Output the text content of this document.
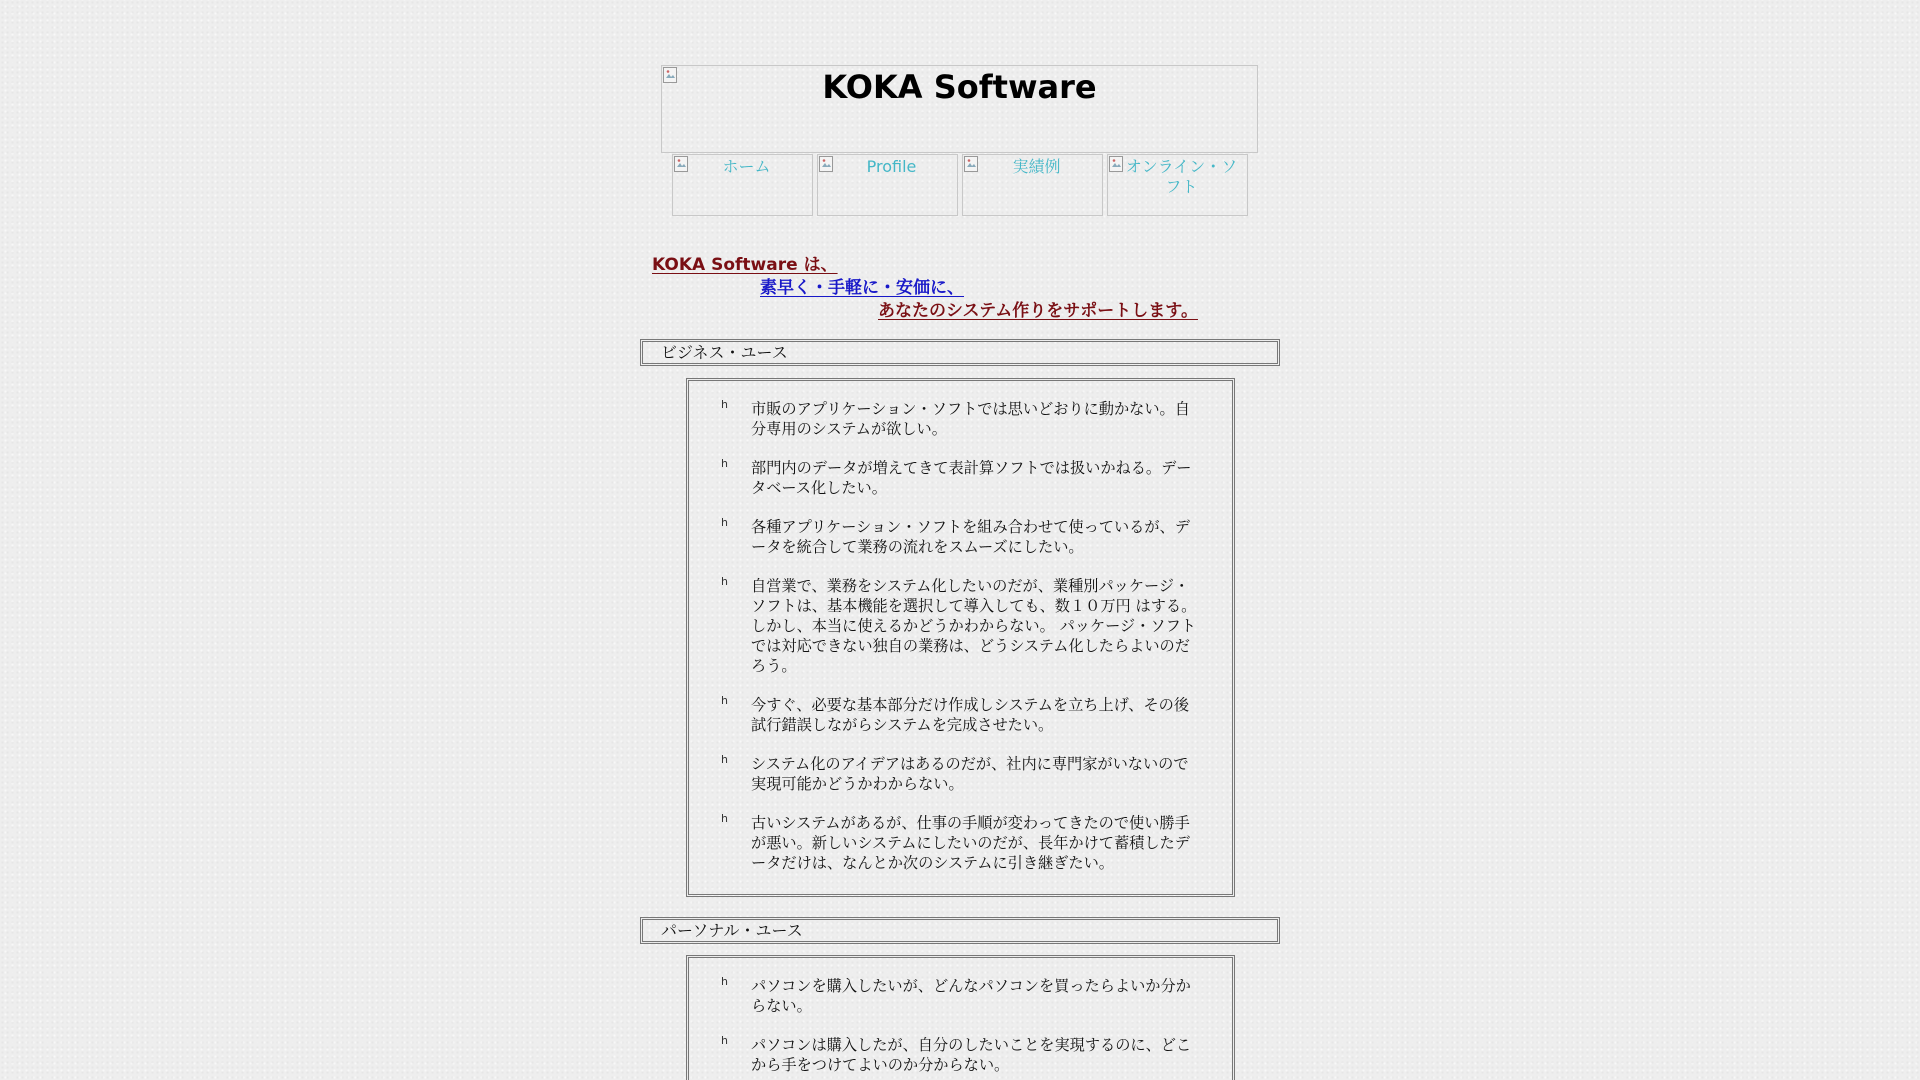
KOKA Software
ホーム	Profile	実績例	オンライン・ソフト
KOKA Software は、
素早く・手軽に・安価に、
あなたのシステム作りをサポートします。
ビジネス・ユース
h 市販のアプリケーション・ソフトでは思いどおりに動かない。自分専用のシステムが欲しい。
h 部門内のデータが増えてきて表計算ソフトでは扱いかねる。データベース化したい。
h 各種アプリケーション・ソフトを組み合わせて使っているが、データを統合して業務の流れをスムーズにしたい。
h 自営業で、業務をシステム化したいのだが、業種別パッケージ・ソフトは、基本機能を選択して導入しても、数１０万円 はする。しかし、本当に使えるかどうかわからない。 パッケージ・ソフトでは対応できない独自の業務は、どうシステム化したらよいのだろう。
h 今すぐ、必要な基本部分だけ作成しシステムを立ち上げ、その後試行錯誤しながらシステムを完成させたい。
h システム化のアイデアはあるのだが、社内に専門家がいないので実現可能かどうかわからない。
h 古いシステムがあるが、仕事の手順が変わってきたので使い勝手が悪い。新しいシステムにしたいのだが、長年かけて蓄積したデータだけは、なんとか次のシステムに引き継ぎたい。
パーソナル・ユース
h パソコンを購入したいが、どんなパソコンを買ったらよいか分からない。
h パソコンは購入したが、自分のしたいことを実現するのに、どこから手をつけてよいのか分からない。
